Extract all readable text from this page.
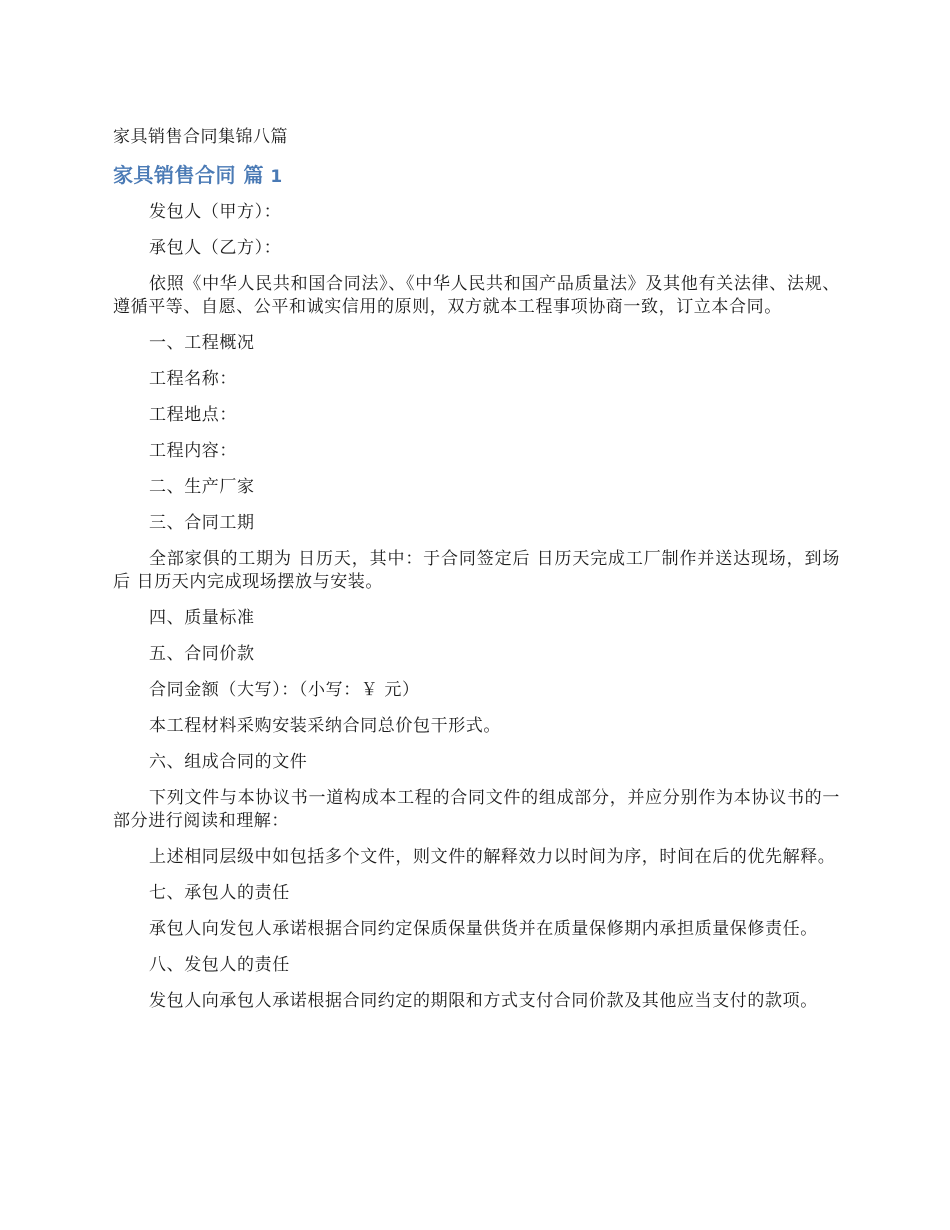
家具销售合同集锦八篇
家具销售合同 篇 1
发包人（甲方）：
承包人（乙方）：
依照《中华人民共和国合同法》、《中华人民共和国产品质量法》及其他有关法律、法规、遵循平等、自愿、公平和诚实信用的原则，双方就本工程事项协商一致，订立本合同。
一、工程概况
工程名称：
工程地点：
工程内容：
二、生产厂家
三、合同工期
全部家俱的工期为 日历天，其中：于合同签定后 日历天完成工厂制作并送达现场，到场后 日历天内完成现场摆放与安装。
四、质量标准
五、合同价款
合同金额（大写）：（小写：￥ 元）
本工程材料采购安装采纳合同总价包干形式。
六、组成合同的文件
下列文件与本协议书一道构成本工程的合同文件的组成部分，并应分别作为本协议书的一部分进行阅读和理解：
上述相同层级中如包括多个文件，则文件的解释效力以时间为序，时间在后的优先解释。
七、承包人的责任
承包人向发包人承诺根据合同约定保质保量供货并在质量保修期内承担质量保修责任。
八、发包人的责任
发包人向承包人承诺根据合同约定的期限和方式支付合同价款及其他应当支付的款项。
